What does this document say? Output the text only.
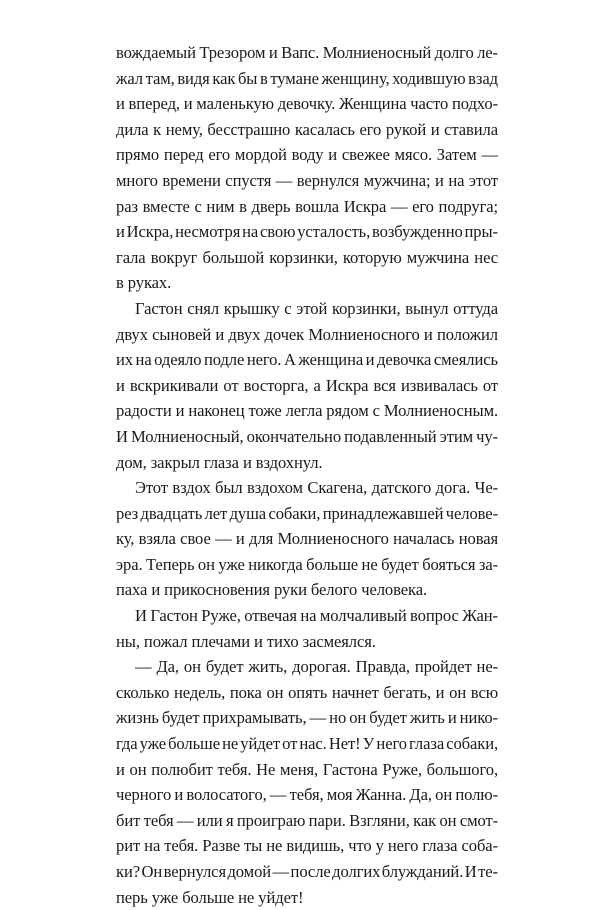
вождаемый Трезором и Вапс. Молниеносный долго ле-
жал там, видя как бы в тумане женщину, ходившую взад
и вперед, и маленькую девочку. Женщина часто подхо-
дила к нему, бесстрашно касалась его рукой и ставила
прямо перед его мордой воду и свежее мясо. Затем —
много времени спустя — вернулся мужчина; и на этот
раз вместе с ним в дверь вошла Искра — его подруга;
и Искра, несмотря на свою усталость, возбужденно пры-
гала вокруг большой корзинки, которую мужчина нес
в руках.
Гастон снял крышку с этой корзинки, вынул оттуда
двух сыновей и двух дочек Молниеносного и положил
их на одеяло подле него. А женщина и девочка смеялись
и вскрикивали от восторга, а Искра вся извивалась от
радости и наконец тоже легла рядом с Молниеносным.
И Молниеносный, окончательно подавленный этим чу-
дом, закрыл глаза и вздохнул.
Этот вздох был вздохом Скагена, датского дога. Че-
рез двадцать лет душа собаки, принадлежавшей челове-
ку, взяла свое — и для Молниеносного началась новая
эра. Теперь он уже никогда больше не будет бояться за-
паха и прикосновения руки белого человека.
И Гастон Руже, отвечая на молчаливый вопрос Жан-
ны, пожал плечами и тихо засмеялся.
— Да, он будет жить, дорогая. Правда, пройдет не-
сколько недель, пока он опять начнет бегать, и он всю
жизнь будет прихрамывать, — но он будет жить и нико-
гда уже больше не уйдет от нас. Нет! У него глаза собаки,
и он полюбит тебя. Не меня, Гастона Руже, большого,
черного и волосатого, — тебя, моя Жанна. Да, он полю-
бит тебя — или я проиграю пари. Взгляни, как он смот-
рит на тебя. Разве ты не видишь, что у него глаза соба-
ки? Он вернулся домой — после долгих блужданий. И те-
перь уже больше не уйдет!
